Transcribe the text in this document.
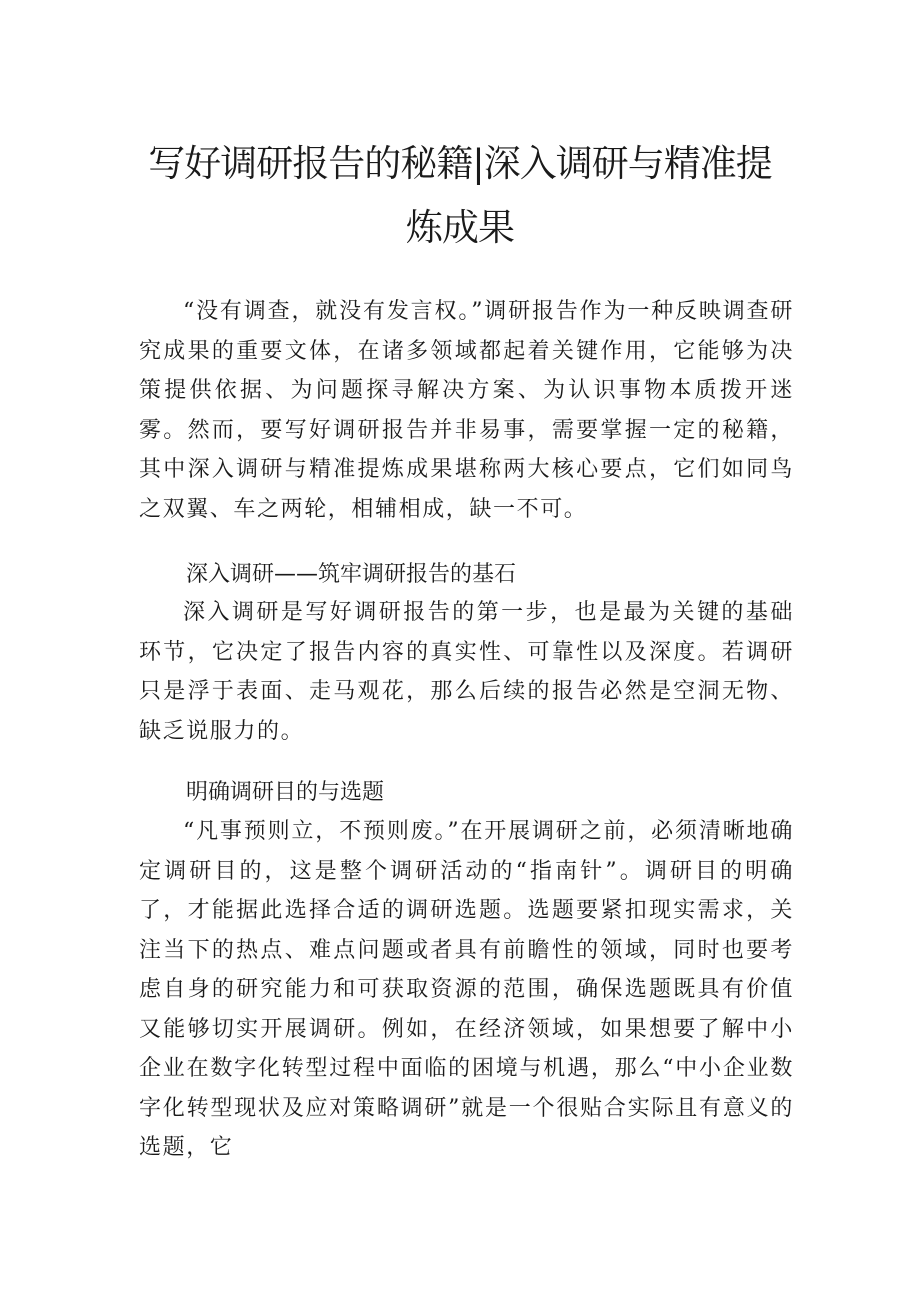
写好调研报告的秘籍|深入调研与精准提
炼成果

“没有调查，就没有发言权。”调研报告作为一种反映调查研究成果的重要文体，在诸多领域都起着关键作用，它能够为决策提供依据、为问题探寻解决方案、为认识事物本质拨开迷雾。然而，要写好调研报告并非易事，需要掌握一定的秘籍，其中深入调研与精准提炼成果堪称两大核心要点，它们如同鸟之双翼、车之两轮，相辅相成，缺一不可。

深入调研——筑牢调研报告的基石

深入调研是写好调研报告的第一步，也是最为关键的基础环节，它决定了报告内容的真实性、可靠性以及深度。若调研只是浮于表面、走马观花，那么后续的报告必然是空洞无物、缺乏说服力的。

明确调研目的与选题

“凡事预则立，不预则废。”在开展调研之前，必须清晰地确定调研目的，这是整个调研活动的“指南针”。调研目的明确了，才能据此选择合适的调研选题。选题要紧扣现实需求，关注当下的热点、难点问题或者具有前瞻性的领域，同时也要考虑自身的研究能力和可获取资源的范围，确保选题既具有价值又能够切实开展调研。例如，在经济领域，如果想要了解中小企业在数字化转型过程中面临的困境与机遇，那么“中小企业数字化转型现状及应对策略调研”就是一个很贴合实际且有意义的选题，它
